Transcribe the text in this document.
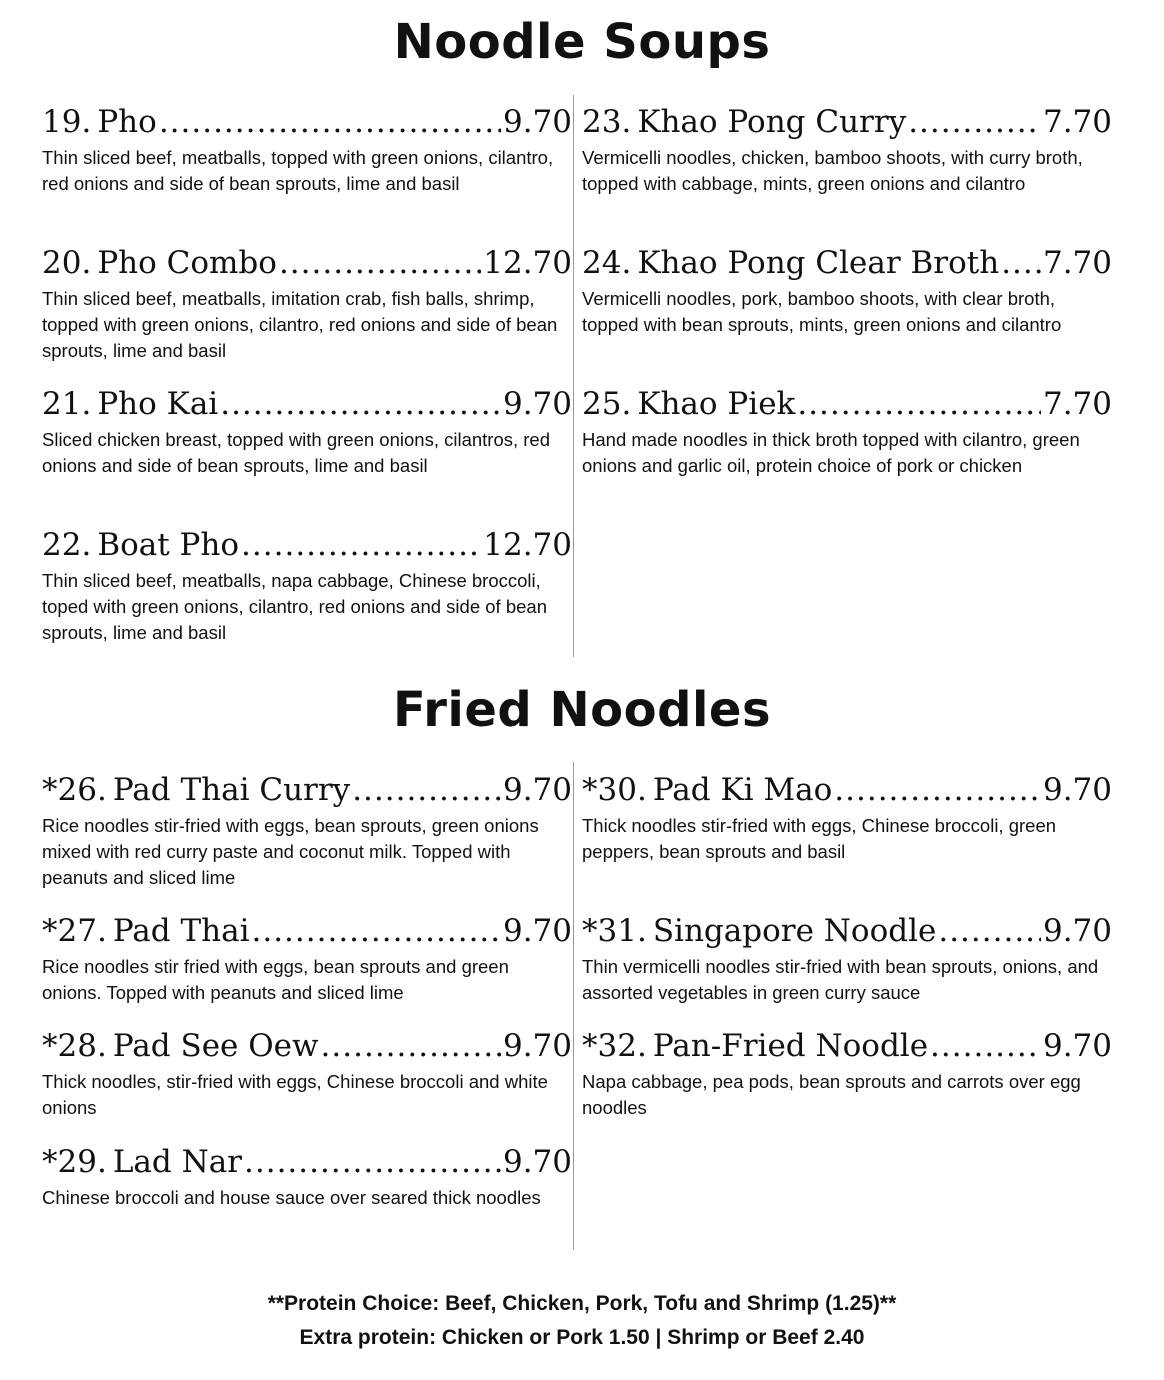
Noodle Soups
19. Pho .....	9.70
Thin sliced beef, meatballs, topped with green onions, cilantro, red onions and side of bean sprouts, lime and basil
20. Pho Combo .....	12.70
Thin sliced beef, meatballs, imitation crab, fish balls, shrimp, topped with green onions, cilantro, red onions and side of bean sprouts, lime and basil
21. Pho Kai .....	9.70
Sliced chicken breast, topped with green onions, cilantros, red onions and side of bean sprouts, lime and basil
22. Boat Pho .....	12.70
Thin sliced beef, meatballs, napa cabbage, Chinese broccoli, toped with green onions, cilantro, red onions and side of bean sprouts, lime and basil
23. Khao Pong Curry .....	7.70
Vermicelli noodles, chicken, bamboo shoots, with curry broth, topped with cabbage, mints, green onions and cilantro
24. Khao Pong Clear Broth ..... 7.70
Vermicelli noodles, pork, bamboo shoots, with clear broth, topped with bean sprouts, mints, green onions and cilantro
25. Khao Piek .....	7.70
Hand made noodles in thick broth topped with cilantro, green onions and garlic oil, protein choice of pork or chicken
Fried Noodles
*26. Pad Thai Curry .....	9.70
Rice noodles stir-fried with eggs, bean sprouts, green onions mixed with red curry paste and coconut milk. Topped with peanuts and sliced lime
*27. Pad Thai .....	9.70
Rice noodles stir fried with eggs, bean sprouts and green onions. Topped with peanuts and sliced lime
*28. Pad See Oew .....	9.70
Thick noodles, stir-fried with eggs, Chinese broccoli and white onions
*29. Lad Nar .....	9.70
Chinese broccoli and house sauce over seared thick noodles
*30. Pad Ki Mao .....	9.70
Thick noodles stir-fried with eggs, Chinese broccoli, green peppers, bean sprouts and basil
*31. Singapore Noodle .....	9.70
Thin vermicelli noodles stir-fried with bean sprouts, onions, and assorted vegetables in green curry sauce
*32. Pan-Fried Noodle .....	9.70
Napa cabbage, pea pods, bean sprouts and carrots over egg noodles
**Protein Choice: Beef, Chicken, Pork, Tofu and Shrimp (1.25)**
Extra protein: Chicken or Pork 1.50 | Shrimp or Beef 2.40
